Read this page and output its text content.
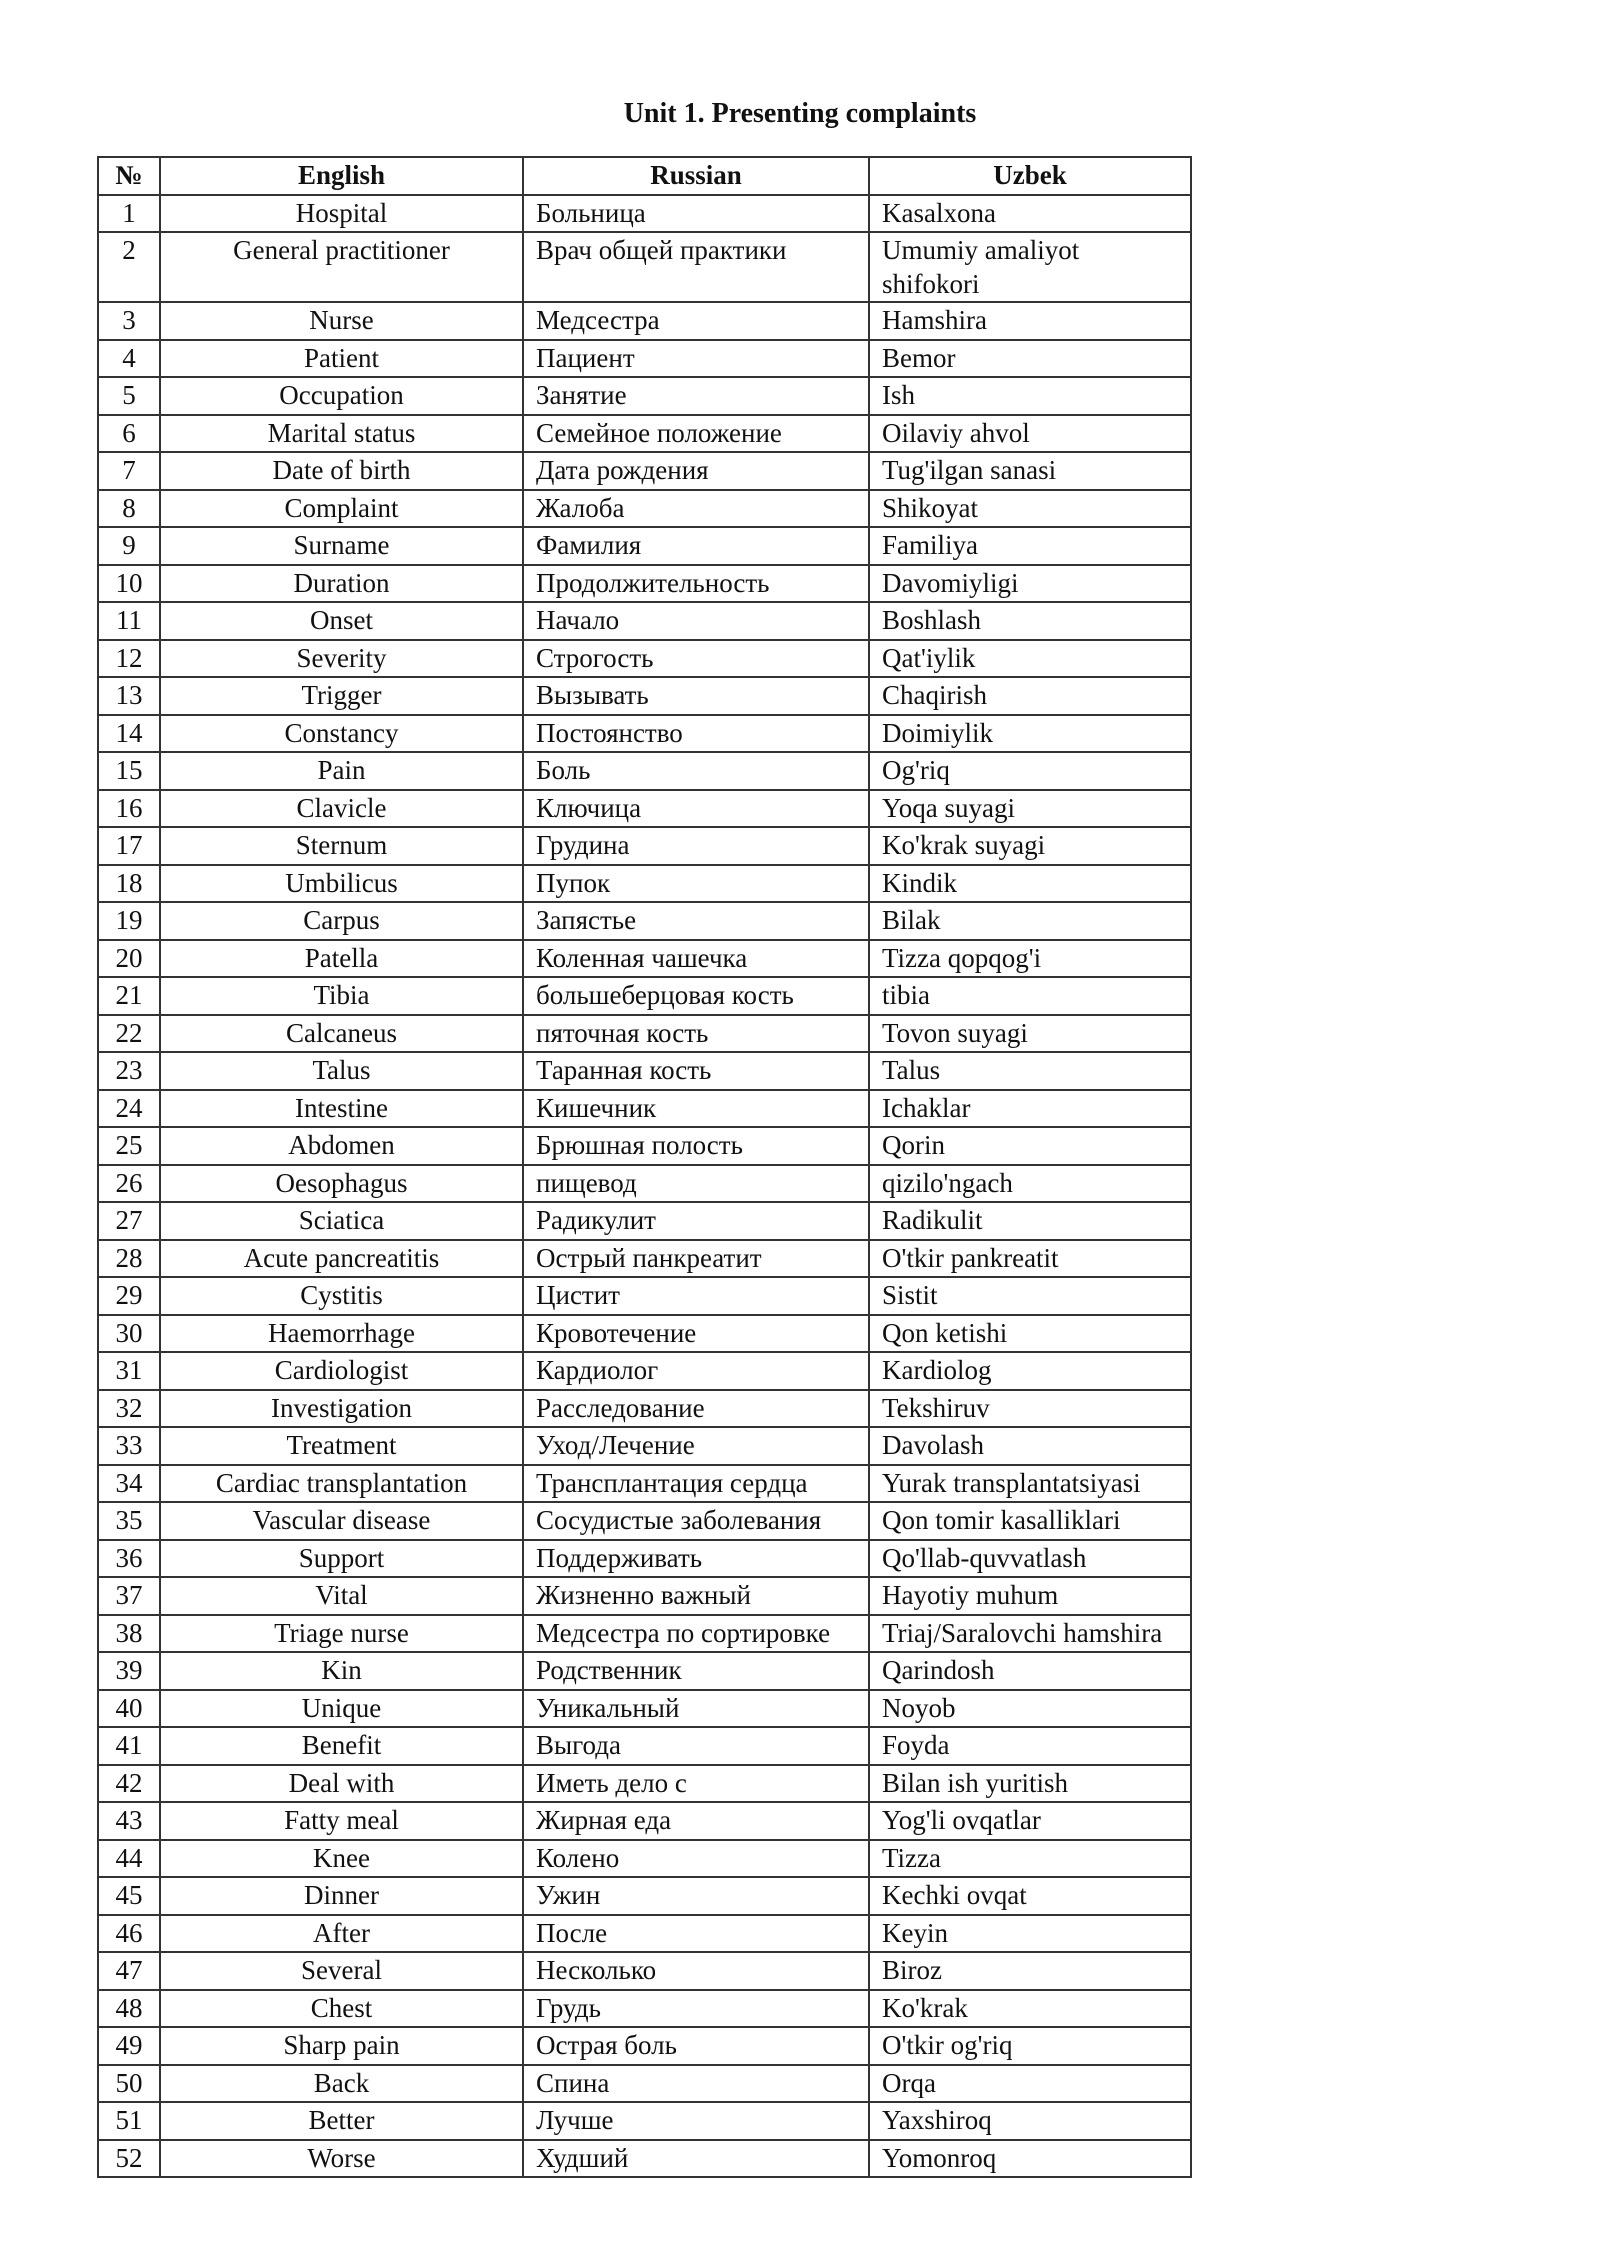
Unit 1. Presenting complaints
№	English	Russian	Uzbek
1	Hospital	Больница	Kasalxona
2	General practitioner	Врач общей практики	Umumiy amaliyot shifokori
3	Nurse	Медсестра	Hamshira
4	Patient	Пациент	Bemor
5	Occupation	Занятие	Ish
6	Marital status	Семейное положение	Oilaviy ahvol
7	Date of birth	Дата рождения	Tug'ilgan sanasi
8	Complaint	Жалоба	Shikoyat
9	Surname	Фамилия	Familiya
10	Duration	Продолжительность	Davomiyligi
11	Onset	Начало	Boshlash
12	Severity	Строгость	Qat'iylik
13	Trigger	Вызывать	Chaqirish
14	Constancy	Постоянство	Doimiylik
15	Pain	Боль	Og'riq
16	Clavicle	Ключица	Yoqa suyagi
17	Sternum	Грудина	Ko'krak suyagi
18	Umbilicus	Пупок	Kindik
19	Carpus	Запястье	Bilak
20	Patella	Коленная чашечка	Tizza qopqog'i
21	Tibia	большеберцовая кость	tibia
22	Calcaneus	пяточная кость	Tovon suyagi
23	Talus	Таранная кость	Talus
24	Intestine	Кишечник	Ichaklar
25	Abdomen	Брюшная полость	Qorin
26	Oesophagus	пищевод	qizilo'ngach
27	Sciatica	Радикулит	Radikulit
28	Acute pancreatitis	Острый панкреатит	O'tkir pankreatit
29	Cystitis	Цистит	Sistit
30	Haemorrhage	Кровотечение	Qon ketishi
31	Cardiologist	Кардиолог	Kardiolog
32	Investigation	Расследование	Tekshiruv
33	Treatment	Уход/Лечение	Davolash
34	Cardiac transplantation	Трансплантация сердца	Yurak transplantatsiyasi
35	Vascular disease	Сосудистые заболевания	Qon tomir kasalliklari
36	Support	Поддерживать	Qo'llab-quvvatlash
37	Vital	Жизненно важный	Hayotiy muhum
38	Triage nurse	Медсестра по сортировке	Triaj/Saralovchi hamshira
39	Kin	Родственник	Qarindosh
40	Unique	Уникальный	Noyob
41	Benefit	Выгода	Foyda
42	Deal with	Иметь дело с	Bilan ish yuritish
43	Fatty meal	Жирная еда	Yog'li ovqatlar
44	Knee	Колено	Tizza
45	Dinner	Ужин	Kechki ovqat
46	After	После	Keyin
47	Several	Несколько	Biroz
48	Chest	Грудь	Ko'krak
49	Sharp pain	Острая боль	O'tkir og'riq
50	Back	Спина	Orqa
51	Better	Лучше	Yaxshiroq
52	Worse	Худший	Yomonroq
